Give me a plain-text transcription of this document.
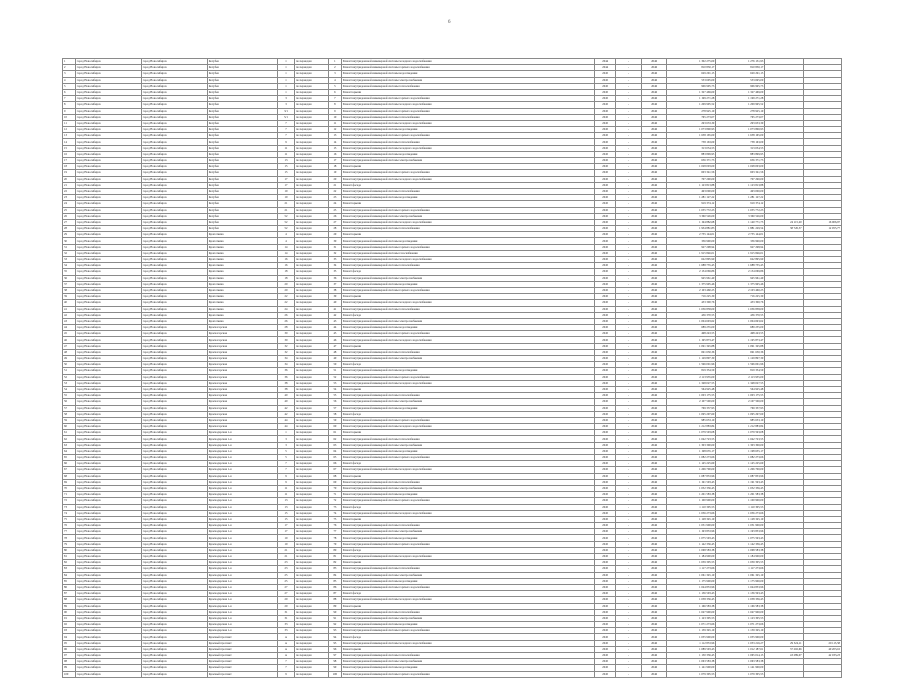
6
1	город Новосибирск	город Новосибирск	Кочубея	1	по периодам	1	Ремонт внутридомовой инженерной системы холодного водоснабжения	2044	-	2046	1 302 275,00	1 276 131,93		
2	город Новосибирск	город Новосибирск	Кочубея	1	по периодам	2	Ремонт внутридомовой инженерной системы горячего водоснабжения	2044	-	2046	810 830,17	810 830,17		
3	город Новосибирск	город Новосибирск	Кочубея	1	по периодам	3	Ремонт внутридомовой инженерной системы водоотведения	2045	-	2046	629 291,15	629 291,15		
4	город Новосибирск	город Новосибирск	Кочубея	1	по периодам	4	Ремонт внутридомовой инженерной системы электроснабжения	2045	-	2046	553 695,00	553 695,00		
5	город Новосибирск	город Новосибирск	Кочубея	1	по периодам	5	Ремонт внутридомовой инженерной системы теплоснабжения	2045	-	2046	906 995,73	906 995,73		
6	город Новосибирск	город Новосибирск	Кочубея	1	по периодам	6	Ремонт крыши	2045	-	2046	1 327 469,00	1 327 469,00		
7	город Новосибирск	город Новосибирск	Кочубея	3	по периодам	7	Ремонт внутридомовой инженерной системы горячего водоснабжения	2045	-	2046	1 199 271,28	1 199 271,28		
8	город Новосибирск	город Новосибирск	Кочубея	3	по периодам	8	Ремонт внутридомовой инженерной системы холодного водоснабжения	2045	-	2046	1 209 995,52	1 209 995,52		
9	город Новосибирск	город Новосибирск	Кочубея	3/1	по периодам	9	Ремонт внутридомовой инженерной системы горячего водоснабжения	2045	-	2046	278 925,19	278 925,19		
10	город Новосибирск	город Новосибирск	Кочубея	5/1	по периодам	10	Ремонт внутридомовой инженерной системы теплоснабжения	2045	-	2046	765 273,07	765 273,07		
11	город Новосибирск	город Новосибирск	Кочубея	7	по периодам	11	Ремонт внутридомовой инженерной системы холодного водоснабжения	2045	-	2046	293 633,39	293 633,39		
12	город Новосибирск	город Новосибирск	Кочубея	7	по периодам	12	Ремонт внутридомовой инженерной системы водоотведения	2045	-	2046	1 073 800,93	1 073 800,93		
13	город Новосибирск	город Новосибирск	Кочубея	7	по периодам	13	Ремонт внутридомовой инженерной системы горячего водоснабжения	2045	-	2046	1 638 165,00	1 638 165,00		
14	город Новосибирск	город Новосибирск	Кочубея	9	по периодам	14	Ремонт внутридомовой инженерной системы теплоснабжения	2045	-	2046	758 163,09	758 163,09		
15	город Новосибирск	город Новосибирск	Кочубея	11	по периодам	15	Ремонт внутридомовой инженерной системы холодного водоснабжения	2045	-	2046	313 054,53	313 054,53		
16	город Новосибирск	город Новосибирск	Кочубея	11	по периодам	16	Ремонт внутридомовой инженерной системы водоотведения	2045	-	2046	883 899,95	883 899,95		
17	город Новосибирск	город Новосибирск	Кочубея	13	по периодам	17	Ремонт внутридомовой инженерной системы электроснабжения	2045	-	2046	656 371,73	656 371,73		
18	город Новосибирск	город Новосибирск	Кочубея	15	по периодам	18	Ремонт крыши	2045	-	2046	1 028 003,00	1 028 003,00		
19	город Новосибирск	город Новосибирск	Кочубея	15	по периодам	19	Ремонт внутридомовой инженерной системы горячего водоснабжения	2045	-	2046	603 341,56	603 341,56		
20	город Новосибирск	город Новосибирск	Кочубея	17	по периодам	20	Ремонт внутридомовой инженерной системы холодного водоснабжения	2045	-	2046	707 290,00	707 290,00		
21	город Новосибирск	город Новосибирск	Кочубея	17	по периодам	21	Ремонт фасада	2045	-	2046	1 123 813,88	1 123 813,88		
22	город Новосибирск	город Новосибирск	Кочубея	19	по периодам	22	Ремонт внутридомовой инженерной системы теплоснабжения	2045	-	2046	493 000,00	493 000,00		
23	город Новосибирск	город Новосибирск	Кочубея	19	по периодам	23	Ремонт внутридомовой инженерной системы водоотведения	2045	-	2046	1 281 127,22	1 281 127,22		
24	город Новосибирск	город Новосибирск	Кочубея	21	по периодам	24	Ремонт крыши	2045	-	2046	919 374,12	919 374,12		
25	город Новосибирск	город Новосибирск	Кочубея	21	по периодам	25	Ремонт внутридомовой инженерной системы горячего водоснабжения	2045	-	2046	1 055 772,23	1 055 772,23		
26	город Новосибирск	город Новосибирск	Кочубея	52	по периодам	26	Ремонт внутридомовой инженерной системы электроснабжения	2045	-	2046	3 360 526,00	3 360 526,00		
27	город Новосибирск	город Новосибирск	Кочубея	52	по периодам	27	Ремонт внутридомовой инженерной системы холодного водоснабжения	2045	-	2046	1 194 882,68	1 140 771,73	24 115,20	16 906,97
28	город Новосибирск	город Новосибирск	Кочубея	52	по периодам	28	Ремонт внутридомовой инженерной системы теплоснабжения	2045	-	2046	1 934 881,83	1 881 229,54	38 726,57	12 055,77
29	город Новосибирск	город Новосибирск	Кропоткина	4	по периодам	29	Ремонт крыши	2045	-	2046	2 755 144,01	2 755 144,01		
30	город Новосибирск	город Новосибирск	Кропоткина	4	по периодам	30	Ремонт внутридомовой инженерной системы водоотведения	2045	-	2046	336 990,00	336 990,00		
31	город Новосибирск	город Новосибирск	Кропоткина	14	по периодам	31	Ремонт внутридомовой инженерной системы горячего водоснабжения	2045	-	2046	927 298,94	927 298,94		
32	город Новосибирск	город Новосибирск	Кропоткина	14	по периодам	32	Ремонт внутридомовой инженерной системы газоснабжения	2045	-	2046	1 915 846,01	1 915 846,01		
33	город Новосибирск	город Новосибирск	Кропоткина	16	по периодам	33	Ремонт внутридомовой инженерной системы холодного водоснабжения	2045	-	2046	622 895,90	622 895,90		
34	город Новосибирск	город Новосибирск	Кропоткина	16	по периодам	34	Ремонт внутридомовой инженерной системы теплоснабжения	2045	-	2046	1 688 735,45	1 688 735,45		
35	город Новосибирск	город Новосибирск	Кропоткина	18	по периодам	35	Ремонт фасада	2045	-	2046	2 154 069,86	2 154 069,86		
36	город Новосибирск	город Новосибирск	Кропоткина	18	по периодам	36	Ремонт внутридомовой инженерной системы электроснабжения	2045	-	2046	945 961,49	945 961,49		
37	город Новосибирск	город Новосибирск	Кропоткина	20	по периодам	37	Ремонт внутридомовой инженерной системы водоотведения	2045	-	2046	1 375 995,46	1 375 995,46		
38	город Новосибирск	город Новосибирск	Кропоткина	20	по периодам	38	Ремонт внутридомовой инженерной системы горячего водоснабжения	2045	-	2046	2 103 460,25	2 103 460,25		
39	город Новосибирск	город Новосибирск	Кропоткина	22	по периодам	39	Ремонт крыши	2045	-	2046	716 225,30	716 225,30		
40	город Новосибирск	город Новосибирск	Кропоткина	22	по периодам	40	Ремонт внутридомовой инженерной системы холодного водоснабжения	2045	-	2046	453 300,76	453 300,76		
41	город Новосибирск	город Новосибирск	Кропоткина	24	по периодам	41	Ремонт внутридомовой инженерной системы теплоснабжения	2045	-	2046	1 036 858,00	1 036 858,00		
42	город Новосибирск	город Новосибирск	Кропоткина	26	по периодам	42	Ремонт фасада	2045	-	2046	436 370,55	436 370,55		
43	город Новосибирск	город Новосибирск	Кропоткина	26	по периодам	43	Ремонт внутридомовой инженерной системы электроснабжения	2045	-	2046	1 004 693,62	1 004 693,62		
44	город Новосибирск	город Новосибирск	Красногорская	28	по периодам	44	Ремонт внутридомовой инженерной системы водоотведения	2045	-	2046	689 255,00	689 255,00		
45	город Новосибирск	город Новосибирск	Красногорская	30	по периодам	45	Ремонт внутридомовой инженерной системы горячего водоснабжения	2045	-	2046	498 243,55	498 243,55		
46	город Новосибирск	город Новосибирск	Красногорская	30	по периодам	46	Ремонт внутридомовой инженерной системы холодного водоснабжения	2045	-	2046	1 195 873,47	1 195 873,47		
47	город Новосибирск	город Новосибирск	Красногорская	32	по периодам	47	Ремонт крыши	2045	-	2046	1 091 345,88	1 091 345,88		
48	город Новосибирск	город Новосибирск	Красногорская	32	по периодам	48	Ремонт внутридомовой инженерной системы теплоснабжения	2045	-	2046	691 630,36	691 630,36		
49	город Новосибирск	город Новосибирск	Красногорская	34	по периодам	49	Ремонт внутридомовой инженерной системы электроснабжения	2045	-	2046	1 129 897,30	1 129 897,30		
50	город Новосибирск	город Новосибирск	Красногорская	34	по периодам	50	Ремонт фасада	2045	-	2046	1 596 001,96	1 596 001,96		
51	город Новосибирск	город Новосибирск	Красногорская	36	по периодам	51	Ремонт внутридомовой инженерной системы водоотведения	2045	-	2046	819 354,59	819 354,59		
52	город Новосибирск	город Новосибирск	Красногорская	36	по периодам	52	Ремонт внутридомовой инженерной системы горячего водоснабжения	2045	-	2046	2 113 935,00	2 113 935,00		
53	город Новосибирск	город Новосибирск	Красногорская	38	по периодам	53	Ремонт внутридомовой инженерной системы холодного водоснабжения	2045	-	2046	1 348 027,55	1 348 027,55		
54	город Новосибирск	город Новосибирск	Красногорская	38	по периодам	54	Ремонт крыши	2045	-	2046	564 925,48	564 925,48		
55	город Новосибирск	город Новосибирск	Красногорская	40	по периодам	55	Ремонт внутридомовой инженерной системы теплоснабжения	2045	-	2046	1 003 175,55	1 003 175,55		
56	город Новосибирск	город Новосибирск	Красногорская	40	по периодам	56	Ремонт внутридомовой инженерной системы электроснабжения	2045	-	2046	2 107 500,00	2 107 500,00		
57	город Новосибирск	город Новосибирск	Красногорская	42	по периодам	57	Ремонт внутридомовой инженерной системы водоотведения	2045	-	2046	769 337,93	769 337,93		
58	город Новосибирск	город Новосибирск	Красногорская	42	по периодам	58	Ремонт фасада	2045	-	2046	1 095 297,60	1 095 297,60		
59	город Новосибирск	город Новосибирск	Красногорская	44	по периодам	59	Ремонт внутридомовой инженерной системы горячего водоснабжения	2045	-	2046	985 653,10	985 653,10		
60	город Новосибирск	город Новосибирск	Красногорская	44	по периодам	60	Ремонт внутридомовой инженерной системы холодного водоснабжения	2045	-	2046	1 212 883,84	1 212 883,84		
61	город Новосибирск	город Новосибирск	Краснодарская 1-я	1	по периодам	61	Ремонт крыши	2045	-	2046	1 079 593,08	1 079 593,08		
62	город Новосибирск	город Новосибирск	Краснодарская 1-я	3	по периодам	62	Ремонт внутридомовой инженерной системы теплоснабжения	2045	-	2046	1 042 723,55	1 042 723,55		
63	город Новосибирск	город Новосибирск	Краснодарская 1-я	3	по периодам	63	Ремонт внутридомовой инженерной системы электроснабжения	2045	-	2046	1 303 300,00	1 303 300,00		
64	город Новосибирск	город Новосибирск	Краснодарская 1-я	5	по периодам	64	Ремонт внутридомовой инженерной системы водоотведения	2045	-	2046	1 198 635,17	1 198 635,17		
65	город Новосибирск	город Новосибирск	Краснодарская 1-я	5	по периодам	65	Ремонт внутридомовой инженерной системы горячего водоснабжения	2045	-	2046	1 082 273,66	1 082 273,66		
66	город Новосибирск	город Новосибирск	Краснодарская 1-я	7	по периодам	66	Ремонт фасада	2045	-	2046	1 145 225,69	1 145 225,69		
67	город Новосибирск	город Новосибирск	Краснодарская 1-я	7	по периодам	67	Ремонт внутридомовой инженерной системы холодного водоснабжения	2045	-	2046	1 206 700,00	1 206 700,00		
68	город Новосибирск	город Новосибирск	Краснодарская 1-я	9	по периодам	68	Ремонт крыши	2045	-	2046	1 087 853,96	1 087 853,96		
69	город Новосибирск	город Новосибирск	Краснодарская 1-я	9	по периодам	69	Ремонт внутридомовой инженерной системы теплоснабжения	2045	-	2046	1 191 593,43	1 191 593,43		
70	город Новосибирск	город Новосибирск	Краснодарская 1-я	11	по периодам	70	Ремонт внутридомовой инженерной системы электроснабжения	2045	-	2046	1 052 336,45	1 052 336,45		
71	город Новосибирск	город Новосибирск	Краснодарская 1-я	11	по периодам	71	Ремонт внутридомовой инженерной системы водоотведения	2045	-	2046	1 201 583,38	1 201 583,38		
72	город Новосибирск	город Новосибирск	Краснодарская 1-я	13	по периодам	72	Ремонт внутридомовой инженерной системы горячего водоснабжения	2045	-	2046	1 100 900,00	1 100 900,00		
73	город Новосибирск	город Новосибирск	Краснодарская 1-я	13	по периодам	73	Ремонт фасада	2045	-	2046	1 110 305,53	1 110 305,53		
74	город Новосибирск	город Новосибирск	Краснодарская 1-я	15	по периодам	74	Ремонт внутридомовой инженерной системы холодного водоснабжения	2045	-	2046	1 036 273,66	1 036 273,66		
75	город Новосибирск	город Новосибирск	Краснодарская 1-я	15	по периодам	75	Ремонт крыши	2045	-	2046	1 128 345,19	1 128 345,19		
76	город Новосибирск	город Новосибирск	Краснодарская 1-я	17	по периодам	76	Ремонт внутридомовой инженерной системы теплоснабжения	2045	-	2046	1 051 900,00	1 051 900,00		
77	город Новосибирск	город Новосибирск	Краснодарская 1-я	17	по периодам	77	Ремонт внутридомовой инженерной системы электроснабжения	2045	-	2046	1 193 853,96	1 193 853,96		
78	город Новосибирск	город Новосибирск	Краснодарская 1-я	19	по периодам	78	Ремонт внутридомовой инженерной системы водоотведения	2045	-	2046	1 075 593,43	1 075 593,43		
79	город Новосибирск	город Новосибирск	Краснодарская 1-я	19	по периодам	79	Ремонт внутридомовой инженерной системы горячего водоснабжения	2045	-	2046	1 142 336,45	1 142 336,45		
80	город Новосибирск	город Новосибирск	Краснодарская 1-я	21	по периодам	80	Ремонт фасада	2045	-	2046	1 068 583,38	1 068 583,38		
81	город Новосибирск	город Новосибирск	Краснодарская 1-я	21	по периодам	81	Ремонт внутридомовой инженерной системы холодного водоснабжения	2045	-	2046	1 184 900,00	1 184 900,00		
82	город Новосибирск	город Новосибирск	Краснодарская 1-я	23	по периодам	82	Ремонт крыши	2045	-	2046	1 039 305,53	1 039 305,53		
83	город Новосибирск	город Новосибирск	Краснодарская 1-я	23	по периодам	83	Ремонт внутридомовой инженерной системы теплоснабжения	2045	-	2046	1 117 273,66	1 117 273,66		
84	город Новосибирск	город Новосибирск	Краснодарская 1-я	25	по периодам	84	Ремонт внутридомовой инженерной системы электроснабжения	2045	-	2046	1 061 345,19	1 061 345,19		
85	город Новосибирск	город Новосибирск	Краснодарская 1-я	25	по периодам	85	Ремонт внутридомовой инженерной системы водоотведения	2045	-	2046	1 175 900,00	1 175 900,00		
86	город Новосибирск	город Новосибирск	Краснодарская 1-я	27	по периодам	86	Ремонт внутридомовой инженерной системы горячего водоснабжения	2045	-	2046	1 044 853,96	1 044 853,96		
87	город Новосибирск	город Новосибирск	Краснодарская 1-я	27	по периодам	87	Ремонт фасада	2045	-	2046	1 136 593,43	1 136 593,43		
88	город Новосибирск	город Новосибирск	Краснодарская 1-я	29	по периодам	88	Ремонт внутридомовой инженерной системы холодного водоснабжения	2045	-	2046	1 058 336,45	1 058 336,45		
89	город Новосибирск	город Новосибирск	Краснодарская 1-я	29	по периодам	89	Ремонт крыши	2045	-	2046	1 166 583,38	1 166 583,38		
90	город Новосибирск	город Новосибирск	Краснодарская 1-я	31	по периодам	90	Ремонт внутридомовой инженерной системы теплоснабжения	2045	-	2046	1 047 900,00	1 047 900,00		
91	город Новосибирск	город Новосибирск	Краснодарская 1-я	31	по периодам	91	Ремонт внутридомовой инженерной системы электроснабжения	2045	-	2046	1 123 305,53	1 123 305,53		
92	город Новосибирск	город Новосибирск	Краснодарская 1-я	33	по периодам	92	Ремонт внутридомовой инженерной системы водоотведения	2045	-	2046	1 071 273,66	1 071 273,66		
93	город Новосибирск	город Новосибирск	Краснодарская 1-я	33	по периодам	93	Ремонт внутридомовой инженерной системы горячего водоснабжения	2045	-	2046	1 159 345,19	1 159 345,19		
94	город Новосибирск	город Новосибирск	Красный проспект	A	по периодам	94	Ремонт фасада	2045	-	2046	1 055 900,00	1 055 900,00		
95	город Новосибирск	город Новосибирск	Красный проспект	A	по периодам	95	Ремонт внутридомовой инженерной системы холодного водоснабжения	2045	-	2046	1 112 853,96	1 053 216,27	29 524,11	29 113,58
96	город Новосибирск	город Новосибирск	Красный проспект	A	по периодам	96	Ремонт крыши	2045	-	2046	1 089 593,43	1 012 187,61	37 202,66	40 203,16
97	город Новосибирск	город Новосибирск	Красный проспект	A	по периодам	97	Ремонт внутридомовой инженерной системы теплоснабжения	2045	-	2046	1 150 336,45	1 065 014,15	43 289,07	42 033,23
98	город Новосибирск	город Новосибирск	Красный проспект	7	по периодам	98	Ремонт внутридомовой инженерной системы электроснабжения	2045	-	2046	1 063 583,38	1 063 583,38		
99	город Новосибирск	город Новосибирск	Красный проспект	7	по периодам	99	Ремонт внутридомовой инженерной системы водоотведения	2045	-	2046	1 141 900,00	1 141 900,00		
100	город Новосибирск	город Новосибирск	Красный проспект	9	по периодам	100	Ремонт внутридомовой инженерной системы горячего водоснабжения	2045	-	2046	1 079 305,53	1 079 305,53		
